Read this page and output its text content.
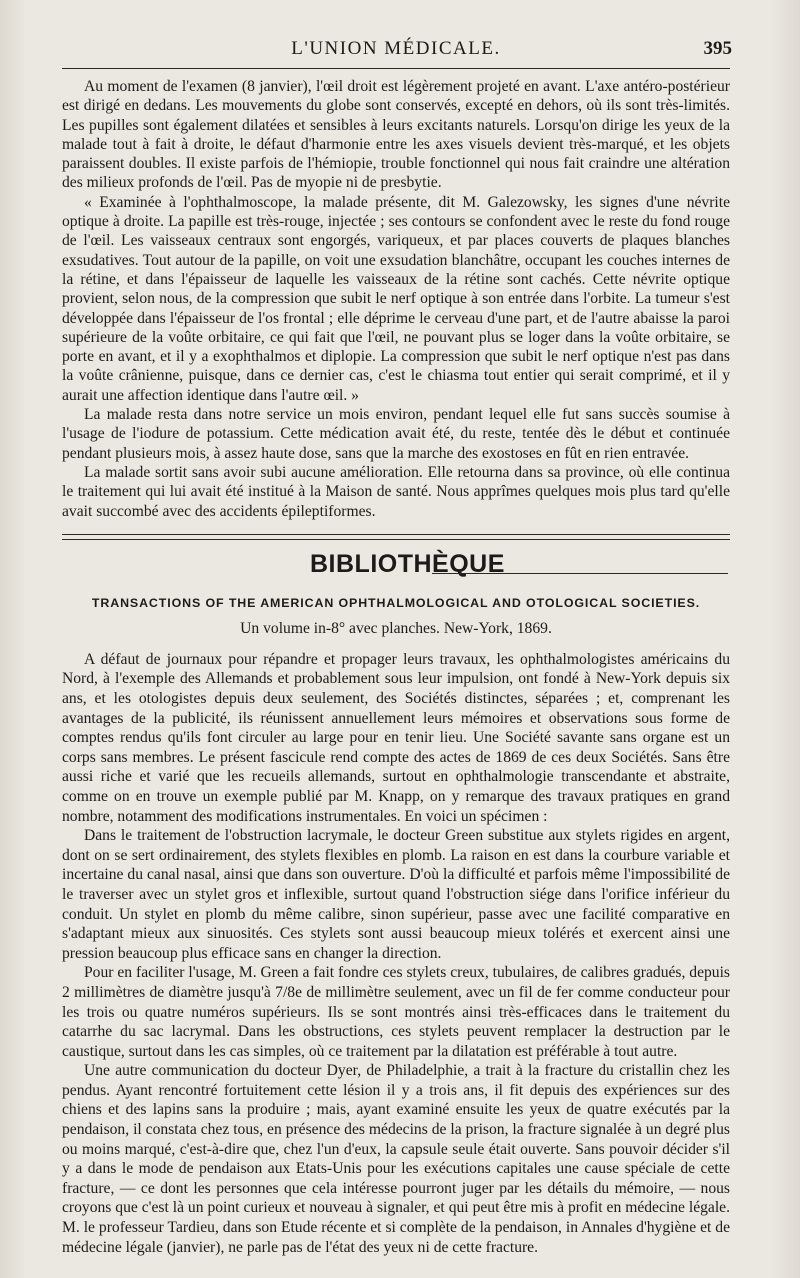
L'UNION MÉDICALE.	395

Au moment de l'examen (8 janvier), l'œil droit est légèrement projeté en avant. L'axe antéro-postérieur est dirigé en dedans. Les mouvements du globe sont conservés, excepté en dehors, où ils sont très-limités. Les pupilles sont également dilatées et sensibles à leurs excitants naturels. Lorsqu'on dirige les yeux de la malade tout à fait à droite, le défaut d'harmonie entre les axes visuels devient très-marqué, et les objets paraissent doubles. Il existe parfois de l'hémiopie, trouble fonctionnel qui nous fait craindre une altération des milieux profonds de l'œil. Pas de myopie ni de presbytie.

« Examinée à l'ophthalmoscope, la malade présente, dit M. Galezowsky, les signes d'une névrite optique à droite. La papille est très-rouge, injectée ; ses contours se confondent avec le reste du fond rouge de l'œil. Les vaisseaux centraux sont engorgés, variqueux, et par places couverts de plaques blanches exsudatives. Tout autour de la papille, on voit une exsudation blanchâtre, occupant les couches internes de la rétine, et dans l'épaisseur de laquelle les vaisseaux de la rétine sont cachés. Cette névrite optique provient, selon nous, de la compression que subit le nerf optique à son entrée dans l'orbite. La tumeur s'est développée dans l'épaisseur de l'os frontal ; elle déprime le cerveau d'une part, et de l'autre abaisse la paroi supérieure de la voûte orbitaire, ce qui fait que l'œil, ne pouvant plus se loger dans la voûte orbitaire, se porte en avant, et il y a exophthalmos et diplopie. La compression que subit le nerf optique n'est pas dans la voûte crânienne, puisque, dans ce dernier cas, c'est le chiasma tout entier qui serait comprimé, et il y aurait une affection identique dans l'autre œil. »

La malade resta dans notre service un mois environ, pendant lequel elle fut sans succès soumise à l'usage de l'iodure de potassium. Cette médication avait été, du reste, tentée dès le début et continuée pendant plusieurs mois, à assez haute dose, sans que la marche des exostoses en fût en rien entravée.

La malade sortit sans avoir subi aucune amélioration. Elle retourna dans sa province, où elle continua le traitement qui lui avait été institué à la Maison de santé. Nous apprîmes quelques mois plus tard qu'elle avait succombé avec des accidents épileptiformes.

BIBLIOTHÈQUE
TRANSACTIONS OF THE AMERICAN OPHTHALMOLOGICAL AND OTOLOGICAL SOCIETIES.
Un volume in-8° avec planches. New-York, 1869.

A défaut de journaux pour répandre et propager leurs travaux, les ophthalmologistes américains du Nord, à l'exemple des Allemands et probablement sous leur impulsion, ont fondé à New-York depuis six ans, et les otologistes depuis deux seulement, des Sociétés distinctes, séparées ; et, comprenant les avantages de la publicité, ils réunissent annuellement leurs mémoires et observations sous forme de comptes rendus qu'ils font circuler au large pour en tenir lieu. Une Société savante sans organe est un corps sans membres. Le présent fascicule rend compte des actes de 1869 de ces deux Sociétés. Sans être aussi riche et varié que les recueils allemands, surtout en ophthalmologie transcendante et abstraite, comme on en trouve un exemple publié par M. Knapp, on y remarque des travaux pratiques en grand nombre, notamment des modifications instrumentales. En voici un spécimen :

Dans le traitement de l'obstruction lacrymale, le docteur Green substitue aux stylets rigides en argent, dont on se sert ordinairement, des stylets flexibles en plomb. La raison en est dans la courbure variable et incertaine du canal nasal, ainsi que dans son ouverture. D'où la difficulté et parfois même l'impossibilité de le traverser avec un stylet gros et inflexible, surtout quand l'obstruction siége dans l'orifice inférieur du conduit. Un stylet en plomb du même calibre, sinon supérieur, passe avec une facilité comparative en s'adaptant mieux aux sinuosités. Ces stylets sont aussi beaucoup mieux tolérés et exercent ainsi une pression beaucoup plus efficace sans en changer la direction.

Pour en faciliter l'usage, M. Green a fait fondre ces stylets creux, tubulaires, de calibres gradués, depuis 2 millimètres de diamètre jusqu'à 7/8e de millimètre seulement, avec un fil de fer comme conducteur pour les trois ou quatre numéros supérieurs. Ils se sont montrés ainsi très-efficaces dans le traitement du catarrhe du sac lacrymal. Dans les obstructions, ces stylets peuvent remplacer la destruction par le caustique, surtout dans les cas simples, où ce traitement par la dilatation est préférable à tout autre.

Une autre communication du docteur Dyer, de Philadelphie, a trait à la fracture du cristallin chez les pendus. Ayant rencontré fortuitement cette lésion il y a trois ans, il fit depuis des expériences sur des chiens et des lapins sans la produire ; mais, ayant examiné ensuite les yeux de quatre exécutés par la pendaison, il constata chez tous, en présence des médecins de la prison, la fracture signalée à un degré plus ou moins marqué, c'est-à-dire que, chez l'un d'eux, la capsule seule était ouverte. Sans pouvoir décider s'il y a dans le mode de pendaison aux Etats-Unis pour les exécutions capitales une cause spéciale de cette fracture, — ce dont les personnes que cela intéresse pourront juger par les détails du mémoire, — nous croyons que c'est là un point curieux et nouveau à signaler, et qui peut être mis à profit en médecine légale. M. le professeur Tardieu, dans son Etude récente et si complète de la pendaison, in Annales d'hygiène et de médecine légale (janvier), ne parle pas de l'état des yeux ni de cette fracture.
